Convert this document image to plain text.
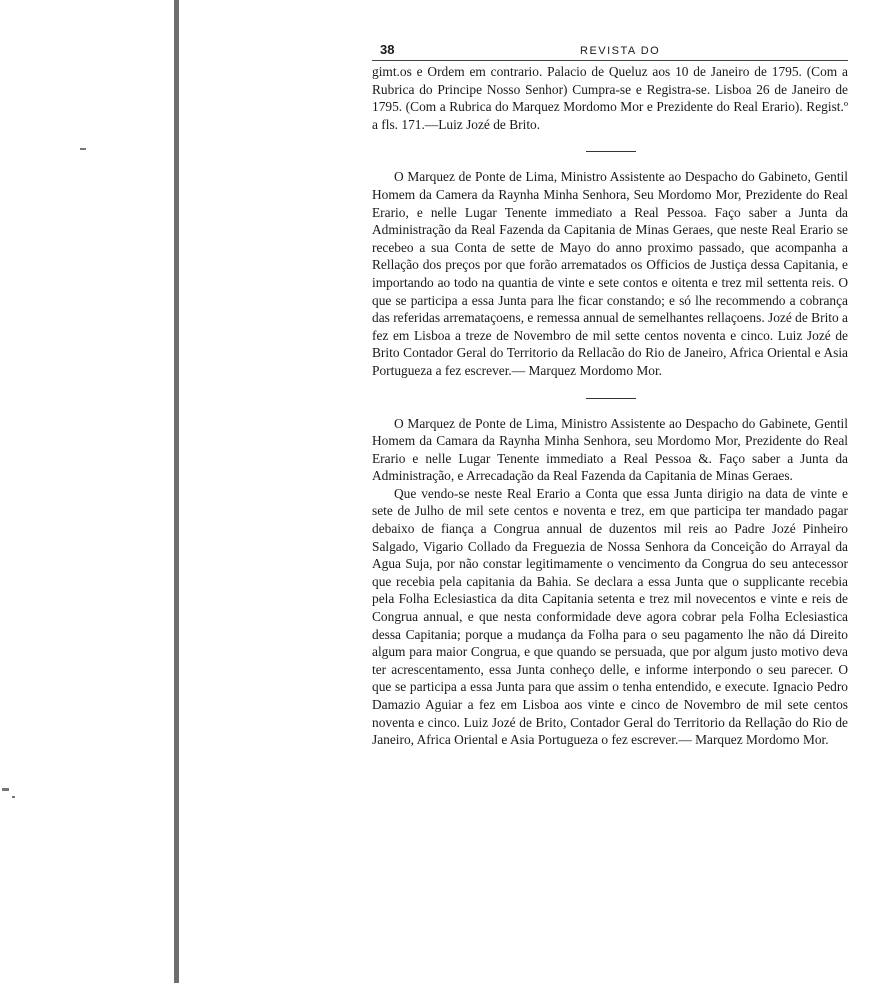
38	REVISTA DO

gimt.os e Ordem em contrario. Palacio de Queluz aos 10 de Janeiro de 1795. (Com a Rubrica do Principe Nosso Senhor) Cumpra-se e Registra-se. Lisboa 26 de Janeiro de 1795. (Com a Rubrica do Marquez Mordomo Mor e Prezidente do Real Erario). Regist.º a fls. 171.—Luiz Jozé de Brito.

O Marquez de Ponte de Lima, Ministro Assistente ao Despacho do Gabineto, Gentil Homem da Camera da Raynha Minha Senhora, Seu Mordomo Mor, Prezidente do Real Erario, e nelle Lugar Tenente immediato a Real Pessoa. Faço saber a Junta da Administração da Real Fazenda da Capitania de Minas Geraes, que neste Real Erario se recebeo a sua Conta de sette de Mayo do anno proximo passado, que acompanha a Rellação dos preços por que forão arrematados os Officios de Justiça dessa Capitania, e importando ao todo na quantia de vinte e sete contos e oitenta e trez mil settenta reis. O que se participa a essa Junta para lhe ficar constando; e só lhe recommendo a cobrança das referidas arremataçoens, e remessa annual de semelhantes rellaçoens. Jozé de Brito a fez em Lisboa a treze de Novembro de mil sette centos noventa e cinco. Luiz Jozé de Brito Contador Geral do Territorio da Rellacão do Rio de Janeiro, Africa Oriental e Asia Portugueza a fez escrever.— Marquez Mordomo Mor.

O Marquez de Ponte de Lima, Ministro Assistente ao Despacho do Gabinete, Gentil Homem da Camara da Raynha Minha Senhora, seu Mordomo Mor, Prezidente do Real Erario e nelle Lugar Tenente immediato a Real Pessoa &. Faço saber a Junta da Administração, e Arrecadação da Real Fazenda da Capitania de Minas Geraes.

Que vendo-se neste Real Erario a Conta que essa Junta dirigio na data de vinte e sete de Julho de mil sete centos e noventa e trez, em que participa ter mandado pagar debaixo de fiança a Congrua annual de duzentos mil reis ao Padre Jozé Pinheiro Salgado, Vigario Collado da Freguezia de Nossa Senhora da Conceição do Arrayal da Agua Suja, por não constar legitimamente o vencimento da Congrua do seu antecessor que recebia pela capitania da Bahia. Se declara a essa Junta que o supplicante recebia pela Folha Eclesiastica da dita Capitania setenta e trez mil novecentos e vinte e reis de Congrua annual, e que nesta conformidade deve agora cobrar pela Folha Eclesiastica dessa Capitania; porque a mudança da Folha para o seu pagamento lhe não dá Direito algum para maior Congrua, e que quando se persuada, que por algum justo motivo deva ter acrescentamento, essa Junta conheço delle, e informe interpondo o seu parecer. O que se participa a essa Junta para que assim o tenha entendido, e execute. Ignacio Pedro Damazio Aguiar a fez em Lisboa aos vinte e cinco de Novembro de mil sete centos noventa e cinco. Luiz Jozé de Brito, Contador Geral do Territorio da Rellação do Rio de Janeiro, Africa Oriental e Asia Portugueza o fez escrever.— Marquez Mordomo Mor.
